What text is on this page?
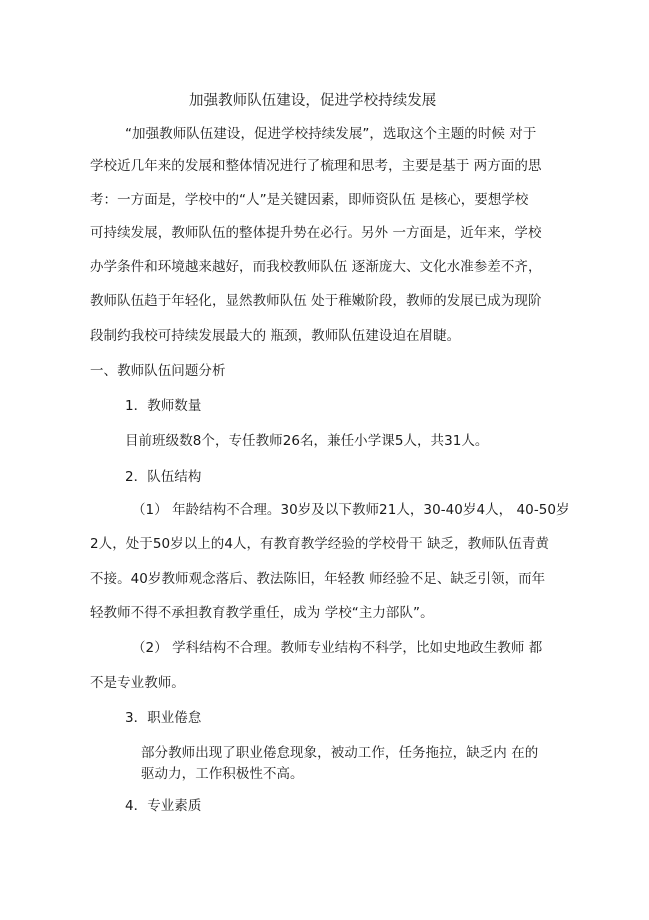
加强教师队伍建设，促进学校持续发展
“加强教师队伍建设，促进学校持续发展”，选取这个主题的时候 对于
学校近几年来的发展和整体情况进行了梳理和思考，主要是基于 两方面的思
考：一方面是，学校中的“人”是关键因素，即师资队伍 是核心，要想学校
可持续发展，教师队伍的整体提升势在必行。另外 一方面是，近年来，学校
办学条件和环境越来越好，而我校教师队伍 逐渐庞大、文化水准参差不齐，
教师队伍趋于年轻化，显然教师队伍 处于稚嫩阶段，教师的发展已成为现阶
段制约我校可持续发展最大的 瓶颈，教师队伍建设迫在眉睫。
一、教师队伍问题分析
1．教师数量
目前班级数8个，专任教师26名，兼任小学课5人，共31人。
2．队伍结构
（1） 年龄结构不合理。30岁及以下教师21人，30-40岁4人， 40-50岁
2人，处于50岁以上的4人，有教育教学经验的学校骨干 缺乏，教师队伍青黄
不接。40岁教师观念落后、教法陈旧，年轻教 师经验不足、缺乏引领，而年
轻教师不得不承担教育教学重任，成为 学校“主力部队”。
（2） 学科结构不合理。教师专业结构不科学，比如史地政生教师 都
不是专业教师。
3．职业倦怠
部分教师出现了职业倦怠现象，被动工作，任务拖拉，缺乏内 在的
驱动力，工作积极性不高。
4．专业素质
